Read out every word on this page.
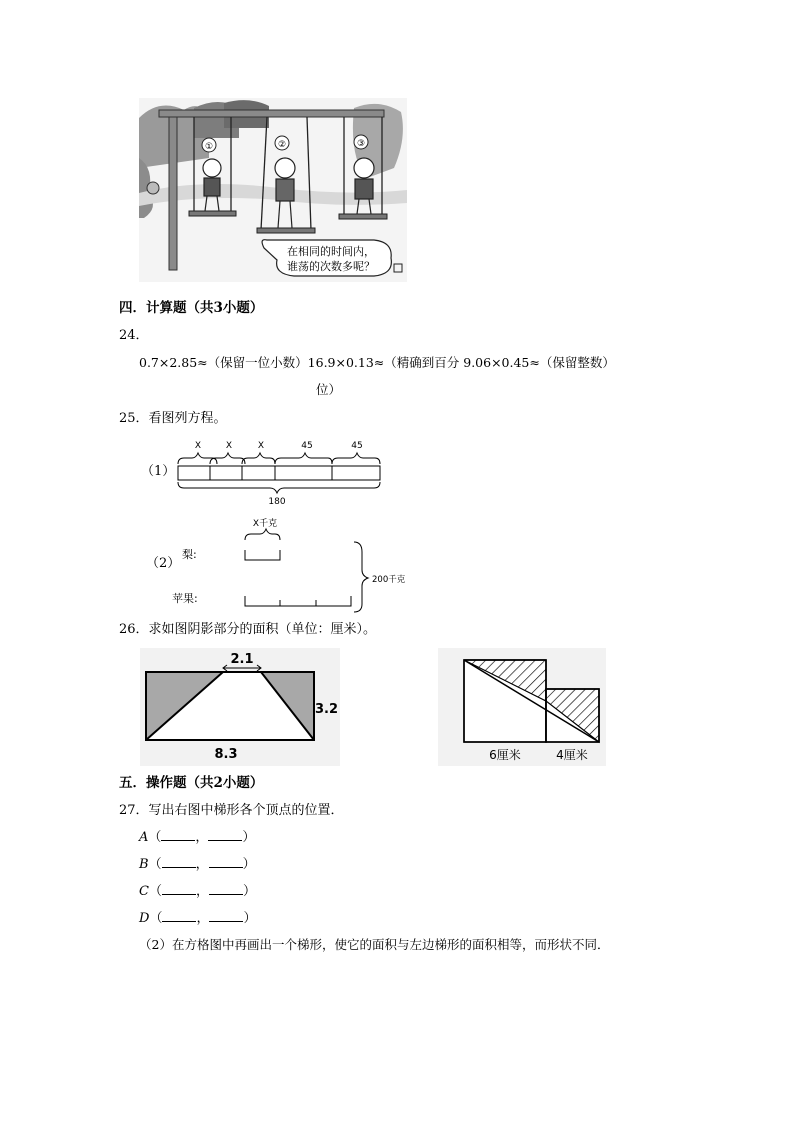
①	②	③
在相同的时间内，
谁荡的次数多呢？
四．计算题（共3小题）
24．
0.7×2.85≈（保留一位小数）16.9×0.13≈（精确到百分 9.06×0.45≈（保留整数）
位）
25．看图列方程。
（1）
X	X	X	45	45
180
（2）
X千克
梨:
苹果:
200千克
26．求如图阴影部分的面积（单位：厘米）。
2.1
3.2
8.3	6厘米	4厘米
五．操作题（共2小题）
27．写出右图中梯形各个顶点的位置．
A（	，	）
B（	，	）
C（	，	）
D（	，	）
（2）在方格图中再画出一个梯形，使它的面积与左边梯形的面积相等，而形状不同．
